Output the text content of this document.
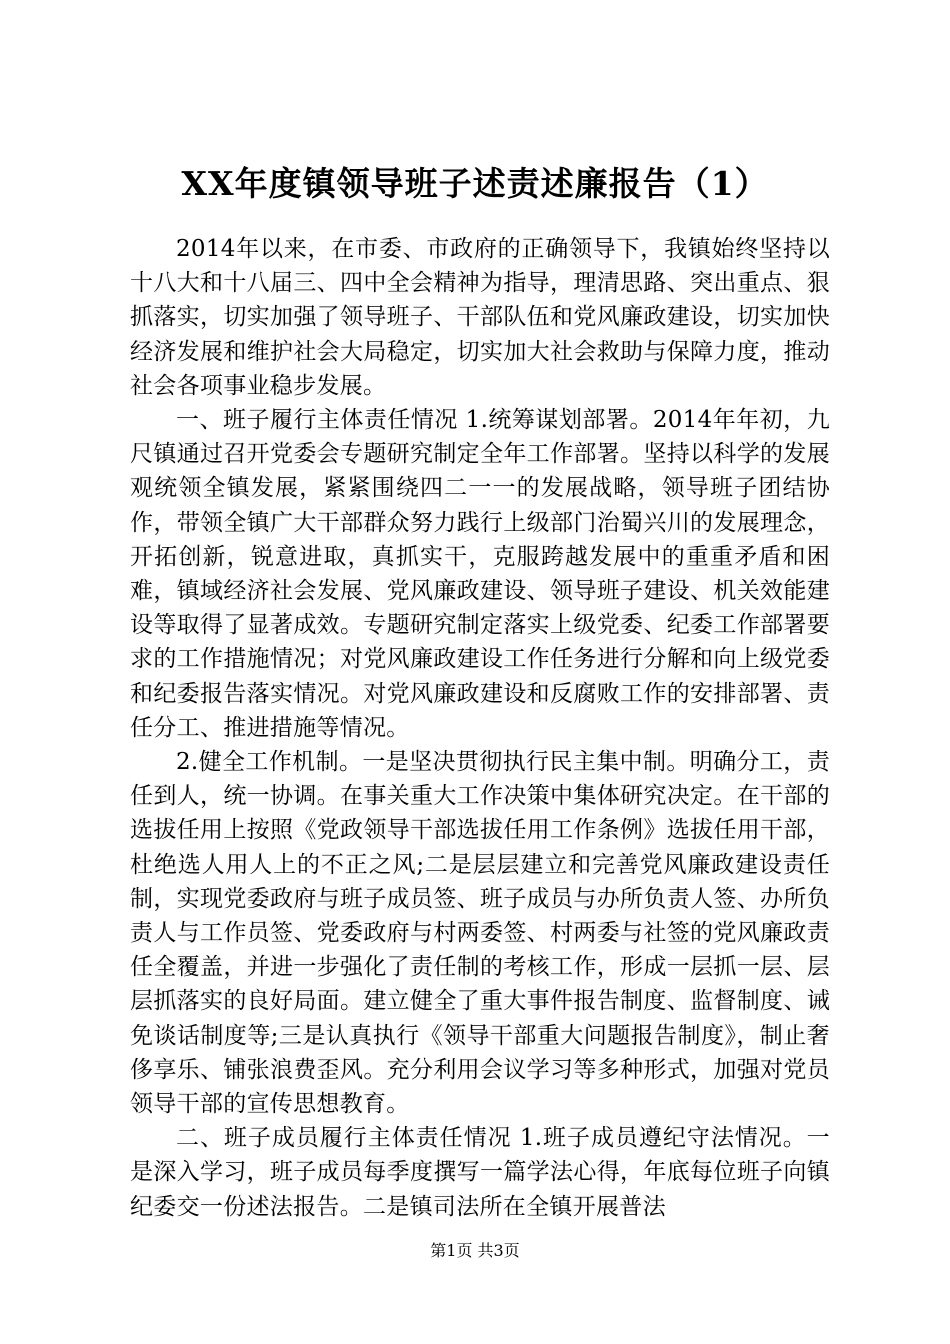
XX年度镇领导班子述责述廉报告（1）

2014年以来，在市委、市政府的正确领导下，我镇始终坚持以十八大和十八届三、四中全会精神为指导，理清思路、突出重点、狠抓落实，切实加强了领导班子、干部队伍和党风廉政建设，切实加快经济发展和维护社会大局稳定，切实加大社会救助与保障力度，推动社会各项事业稳步发展。

一、班子履行主体责任情况 1.统筹谋划部署。2014年年初，九尺镇通过召开党委会专题研究制定全年工作部署。坚持以科学的发展观统领全镇发展，紧紧围绕四二一一的发展战略，领导班子团结协作，带领全镇广大干部群众努力践行上级部门治蜀兴川的发展理念，开拓创新，锐意进取，真抓实干，克服跨越发展中的重重矛盾和困难，镇域经济社会发展、党风廉政建设、领导班子建设、机关效能建设等取得了显著成效。专题研究制定落实上级党委、纪委工作部署要求的工作措施情况；对党风廉政建设工作任务进行分解和向上级党委和纪委报告落实情况。对党风廉政建设和反腐败工作的安排部署、责任分工、推进措施等情况。

2.健全工作机制。一是坚决贯彻执行民主集中制。明确分工，责任到人，统一协调。在事关重大工作决策中集体研究决定。在干部的选拔任用上按照《党政领导干部选拔任用工作条例》选拔任用干部，杜绝选人用人上的不正之风;二是层层建立和完善党风廉政建设责任制，实现党委政府与班子成员签、班子成员与办所负责人签、办所负责人与工作员签、党委政府与村两委签、村两委与社签的党风廉政责任全覆盖，并进一步强化了责任制的考核工作，形成一层抓一层、层层抓落实的良好局面。建立健全了重大事件报告制度、监督制度、诫免谈话制度等;三是认真执行《领导干部重大问题报告制度》，制止奢侈享乐、铺张浪费歪风。充分利用会议学习等多种形式，加强对党员领导干部的宣传思想教育。

二、班子成员履行主体责任情况 1.班子成员遵纪守法情况。一是深入学习，班子成员每季度撰写一篇学法心得，年底每位班子向镇纪委交一份述法报告。二是镇司法所在全镇开展普法

第1页 共3页
